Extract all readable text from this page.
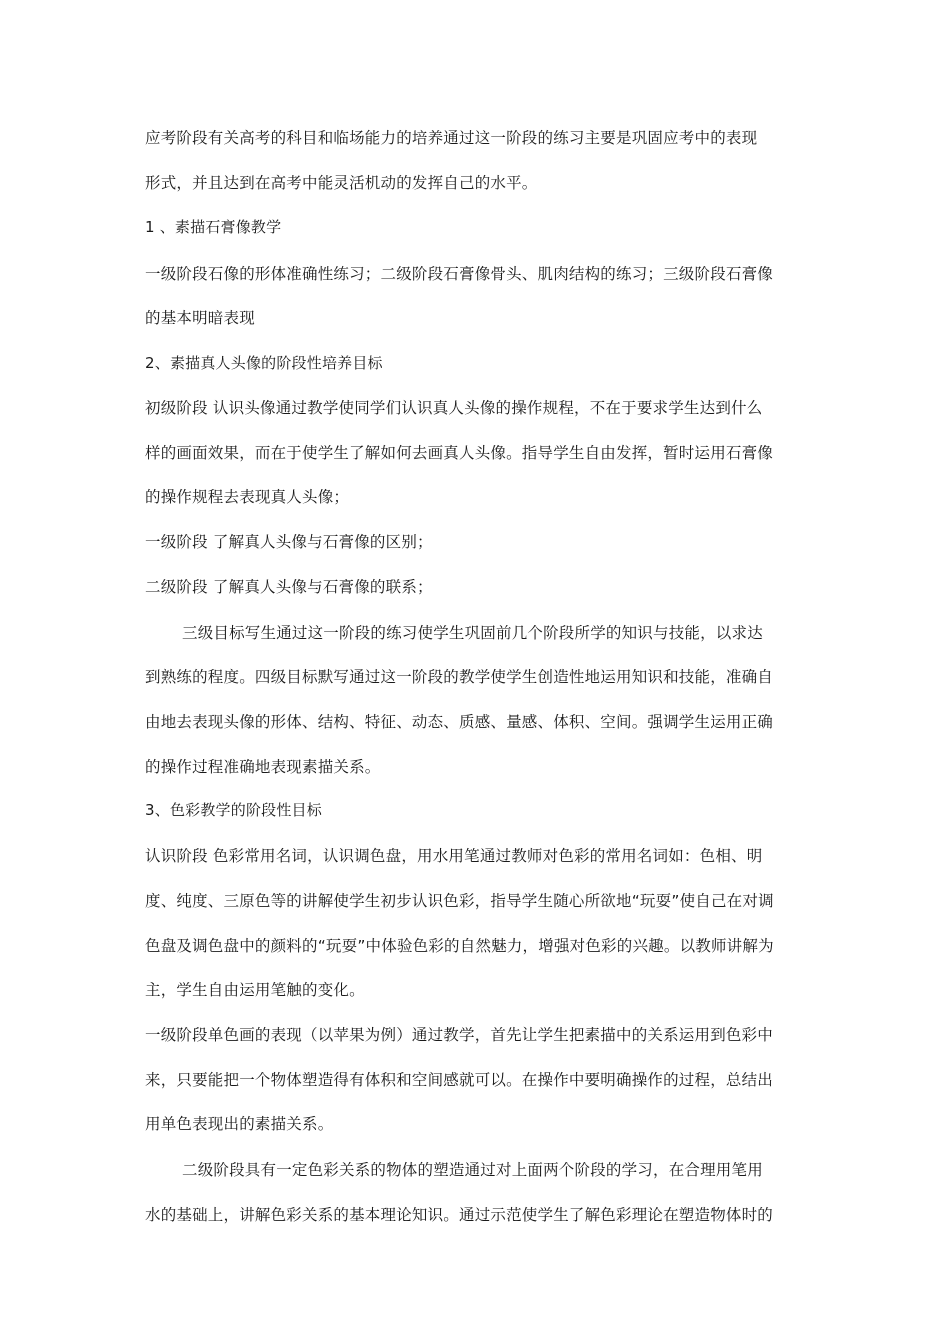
应考阶段有关高考的科目和临场能力的培养通过这一阶段的练习主要是巩固应考中的表现
形式，并且达到在高考中能灵活机动的发挥自己的水平。
1 、素描石膏像教学
一级阶段石像的形体准确性练习；二级阶段石膏像骨头、肌肉结构的练习；三级阶段石膏像
的基本明暗表现
2、素描真人头像的阶段性培养目标
初级阶段 认识头像通过教学使同学们认识真人头像的操作规程，不在于要求学生达到什么
样的画面效果，而在于使学生了解如何去画真人头像。指导学生自由发挥，暂时运用石膏像
的操作规程去表现真人头像；
一级阶段 了解真人头像与石膏像的区别；
二级阶段 了解真人头像与石膏像的联系；
三级目标写生通过这一阶段的练习使学生巩固前几个阶段所学的知识与技能，以求达
到熟练的程度。四级目标默写通过这一阶段的教学使学生创造性地运用知识和技能，准确自
由地去表现头像的形体、结构、特征、动态、质感、量感、体积、空间。强调学生运用正确
的操作过程准确地表现素描关系。
3、色彩教学的阶段性目标
认识阶段 色彩常用名词，认识调色盘，用水用笔通过教师对色彩的常用名词如：色相、明
度、纯度、三原色等的讲解使学生初步认识色彩，指导学生随心所欲地“玩耍”使自己在对调
色盘及调色盘中的颜料的“玩耍”中体验色彩的自然魅力，增强对色彩的兴趣。以教师讲解为
主，学生自由运用笔触的变化。
一级阶段单色画的表现（以苹果为例）通过教学，首先让学生把素描中的关系运用到色彩中
来，只要能把一个物体塑造得有体积和空间感就可以。在操作中要明确操作的过程，总结出
用单色表现出的素描关系。
二级阶段具有一定色彩关系的物体的塑造通过对上面两个阶段的学习，在合理用笔用
水的基础上，讲解色彩关系的基本理论知识。通过示范使学生了解色彩理论在塑造物体时的
